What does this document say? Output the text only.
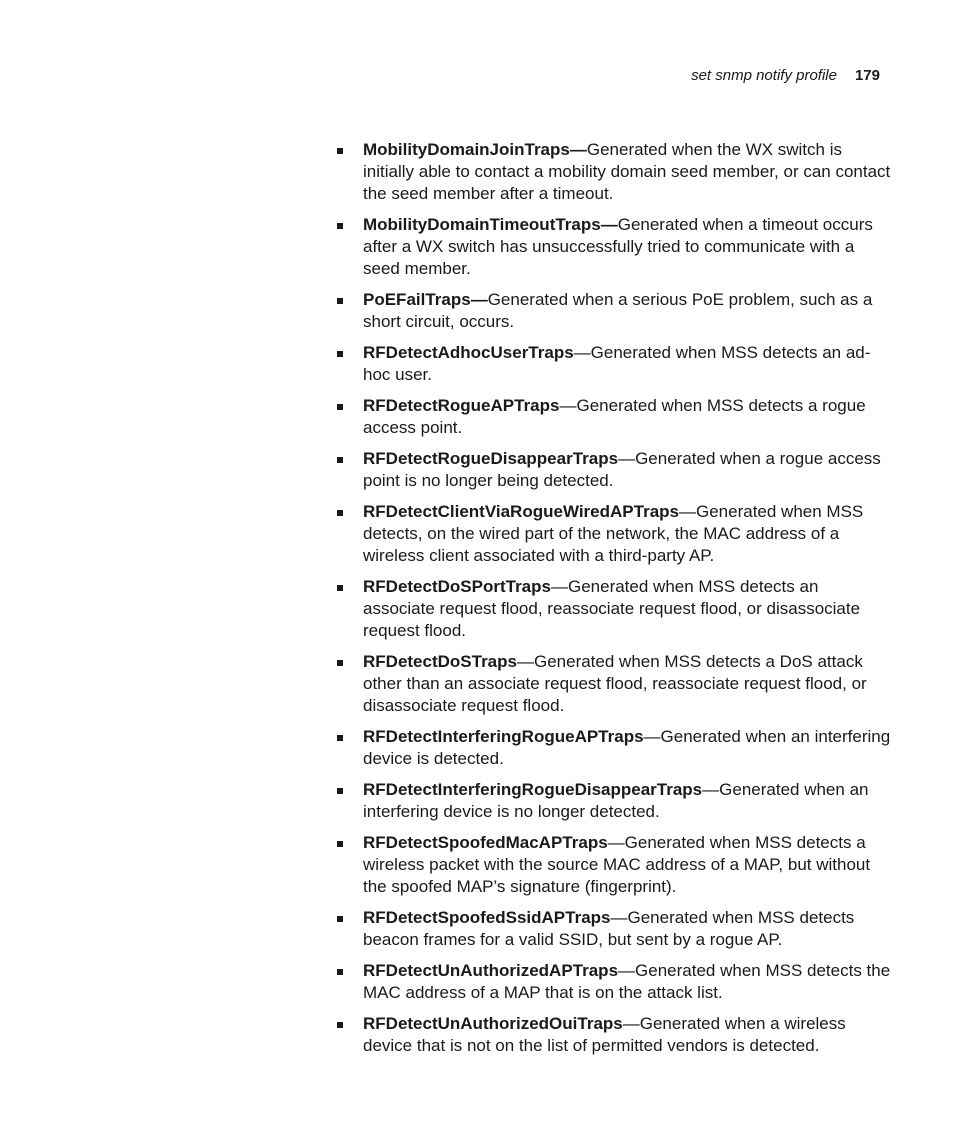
set snmp notify profile 179
MobilityDomainJoinTraps—Generated when the WX switch is initially able to contact a mobility domain seed member, or can contact the seed member after a timeout.
MobilityDomainTimeoutTraps—Generated when a timeout occurs after a WX switch has unsuccessfully tried to communicate with a seed member.
PoEFailTraps—Generated when a serious PoE problem, such as a short circuit, occurs.
RFDetectAdhocUserTraps—Generated when MSS detects an ad-hoc user.
RFDetectRogueAPTraps—Generated when MSS detects a rogue access point.
RFDetectRogueDisappearTraps—Generated when a rogue access point is no longer being detected.
RFDetectClientViaRogueWiredAPTraps—Generated when MSS detects, on the wired part of the network, the MAC address of a wireless client associated with a third-party AP.
RFDetectDoSPortTraps—Generated when MSS detects an associate request flood, reassociate request flood, or disassociate request flood.
RFDetectDoSTraps—Generated when MSS detects a DoS attack other than an associate request flood, reassociate request flood, or disassociate request flood.
RFDetectInterferingRogueAPTraps—Generated when an interfering device is detected.
RFDetectInterferingRogueDisappearTraps—Generated when an interfering device is no longer detected.
RFDetectSpoofedMacAPTraps—Generated when MSS detects a wireless packet with the source MAC address of a MAP, but without the spoofed MAP’s signature (fingerprint).
RFDetectSpoofedSsidAPTraps—Generated when MSS detects beacon frames for a valid SSID, but sent by a rogue AP.
RFDetectUnAuthorizedAPTraps—Generated when MSS detects the MAC address of a MAP that is on the attack list.
RFDetectUnAuthorizedOuiTraps—Generated when a wireless device that is not on the list of permitted vendors is detected.
